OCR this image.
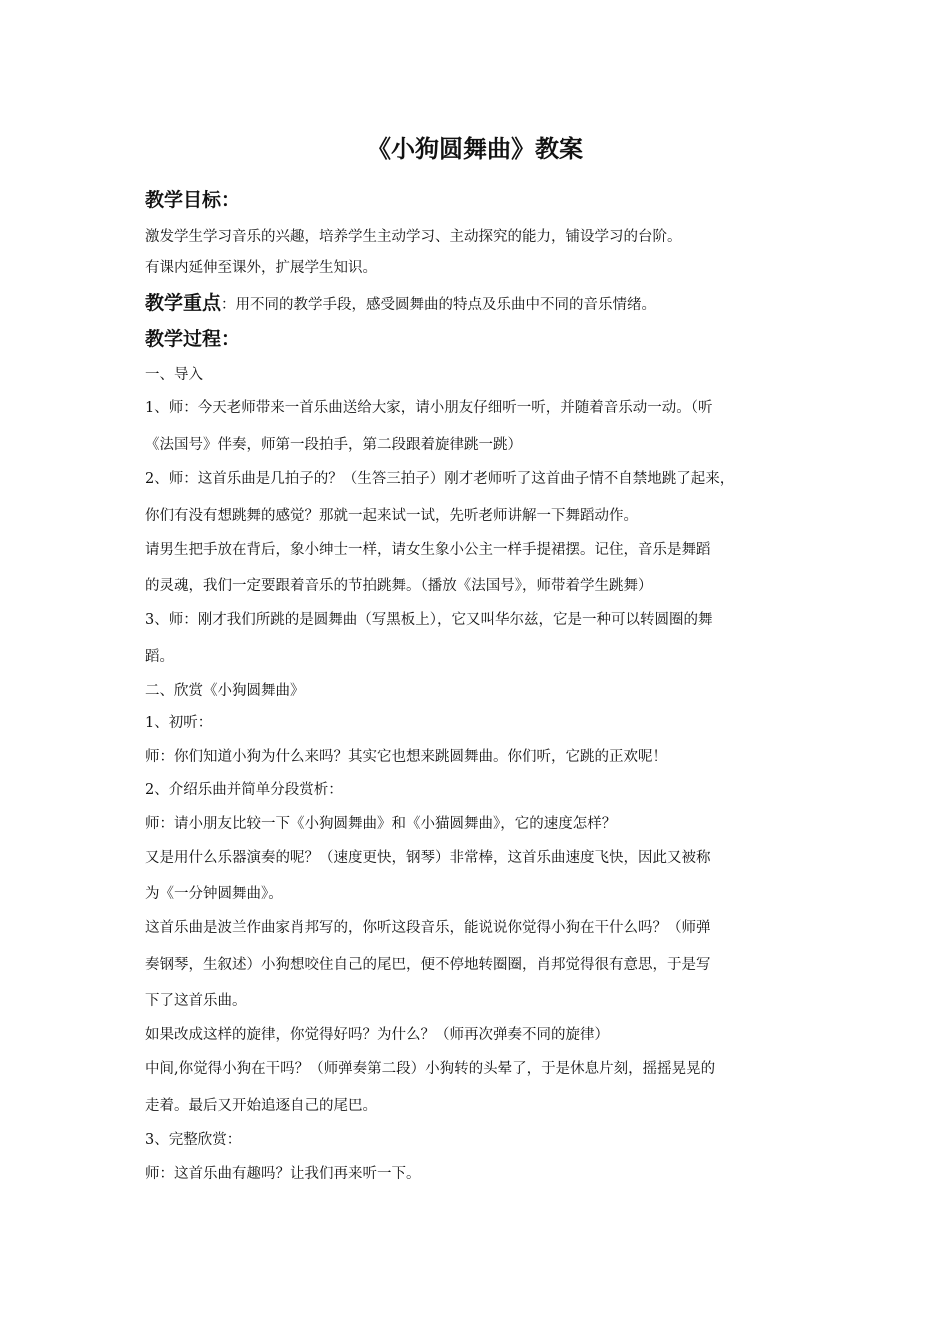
《小狗圆舞曲》教案
教学目标：
激发学生学习音乐的兴趣，培养学生主动学习、主动探究的能力，铺设学习的台阶。
有课内延伸至课外，扩展学生知识。
教学重点：用不同的教学手段，感受圆舞曲的特点及乐曲中不同的音乐情绪。
教学过程：
一、导入
1、师：今天老师带来一首乐曲送给大家，请小朋友仔细听一听，并随着音乐动一动。（听
《法国号》伴奏，师第一段拍手，第二段跟着旋律跳一跳）
2、师：这首乐曲是几拍子的？（生答三拍子）刚才老师听了这首曲子情不自禁地跳了起来，
你们有没有想跳舞的感觉？那就一起来试一试，先听老师讲解一下舞蹈动作。
请男生把手放在背后，象小绅士一样，请女生象小公主一样手提裙摆。记住，音乐是舞蹈
的灵魂，我们一定要跟着音乐的节拍跳舞。（播放《法国号》，师带着学生跳舞）
3、师：刚才我们所跳的是圆舞曲（写黑板上），它又叫华尔兹，它是一种可以转圆圈的舞
蹈。
二、欣赏《小狗圆舞曲》
1、初听：
师：你们知道小狗为什么来吗？其实它也想来跳圆舞曲。你们听，它跳的正欢呢！
2、介绍乐曲并简单分段赏析：
师：请小朋友比较一下《小狗圆舞曲》和《小猫圆舞曲》，它的速度怎样？
又是用什么乐器演奏的呢？（速度更快，钢琴）非常棒，这首乐曲速度飞快，因此又被称
为《一分钟圆舞曲》。
这首乐曲是波兰作曲家肖邦写的，你听这段音乐，能说说你觉得小狗在干什么吗？（师弹
奏钢琴，生叙述）小狗想咬住自己的尾巴，便不停地转圈圈，肖邦觉得很有意思，于是写
下了这首乐曲。
如果改成这样的旋律，你觉得好吗？为什么？（师再次弹奏不同的旋律）
中间,你觉得小狗在干吗？（师弹奏第二段）小狗转的头晕了，于是休息片刻，摇摇晃晃的
走着。最后又开始追逐自己的尾巴。
3、完整欣赏：
师：这首乐曲有趣吗？让我们再来听一下。
